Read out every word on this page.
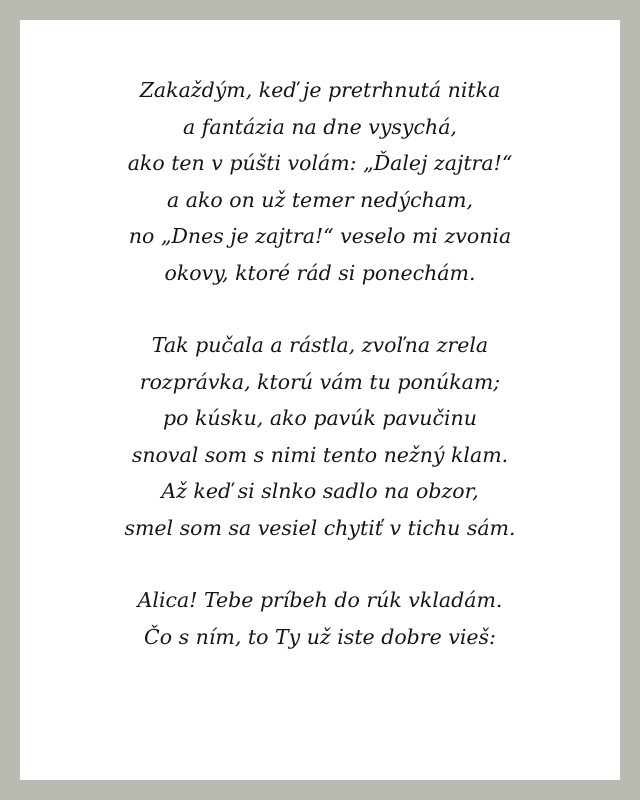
Zakaždým, keď je pretrhnutá nitka
a fantázia na dne vysychá,
ako ten v púšti volám: „Ďalej zajtra!“
a ako on už temer nedýcham,
no „Dnes je zajtra!“ veselo mi zvonia
okovy, ktoré rád si ponechám.
Tak pučala a rástla, zvoľna zrela
rozprávka, ktorú vám tu ponúkam;
po kúsku, ako pavúk pavučinu
snoval som s nimi tento nežný klam.
Až keď si slnko sadlo na obzor,
smel som sa vesiel chytiť v tichu sám.
Alica! Tebe príbeh do rúk vkladám.
Čo s ním, to Ty už iste dobre vieš:
